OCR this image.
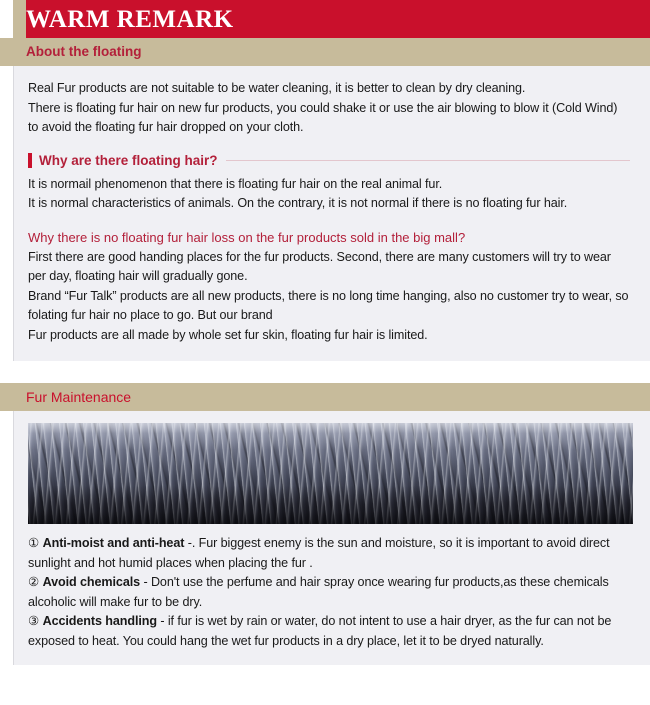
WARM REMARK
About the floating

Real Fur products are not suitable to be water cleaning, it is better to clean by dry cleaning.

There is floating fur hair on new fur products, you could shake it or use the air blowing to blow it (Cold Wind) to avoid the floating fur hair dropped on your cloth.

Why are there floating hair?

It is normail phenomenon that there is floating fur hair on the real animal fur.

It is normal characteristics of animals. On the contrary, it is not normal if there is no floating fur hair.

Why there is no floating fur hair loss on the fur products sold in the big mall?

First there are good handing places for the fur products. Second, there are many customers will try to wear per day, floating hair will gradually gone.

Brand “Fur Talk” products are all new products, there is no long time hanging, also no customer try to wear, so folating fur hair no place to go. But our brand

Fur products are all made by whole set fur skin, floating fur hair is limited.

Fur Maintenance

① Anti-moist and anti-heat -. Fur biggest enemy is the sun and moisture, so it is important to avoid direct sunlight and hot humid places when placing the fur .

② Avoid chemicals - Don't use the perfume and hair spray once wearing fur products,as these chemicals alcoholic will make fur to be dry.

③ Accidents handling - if fur is wet by rain or water, do not intent to use a hair dryer, as the fur can not be exposed to heat. You could hang the wet fur products in a dry place, let it to be dryed naturally.
